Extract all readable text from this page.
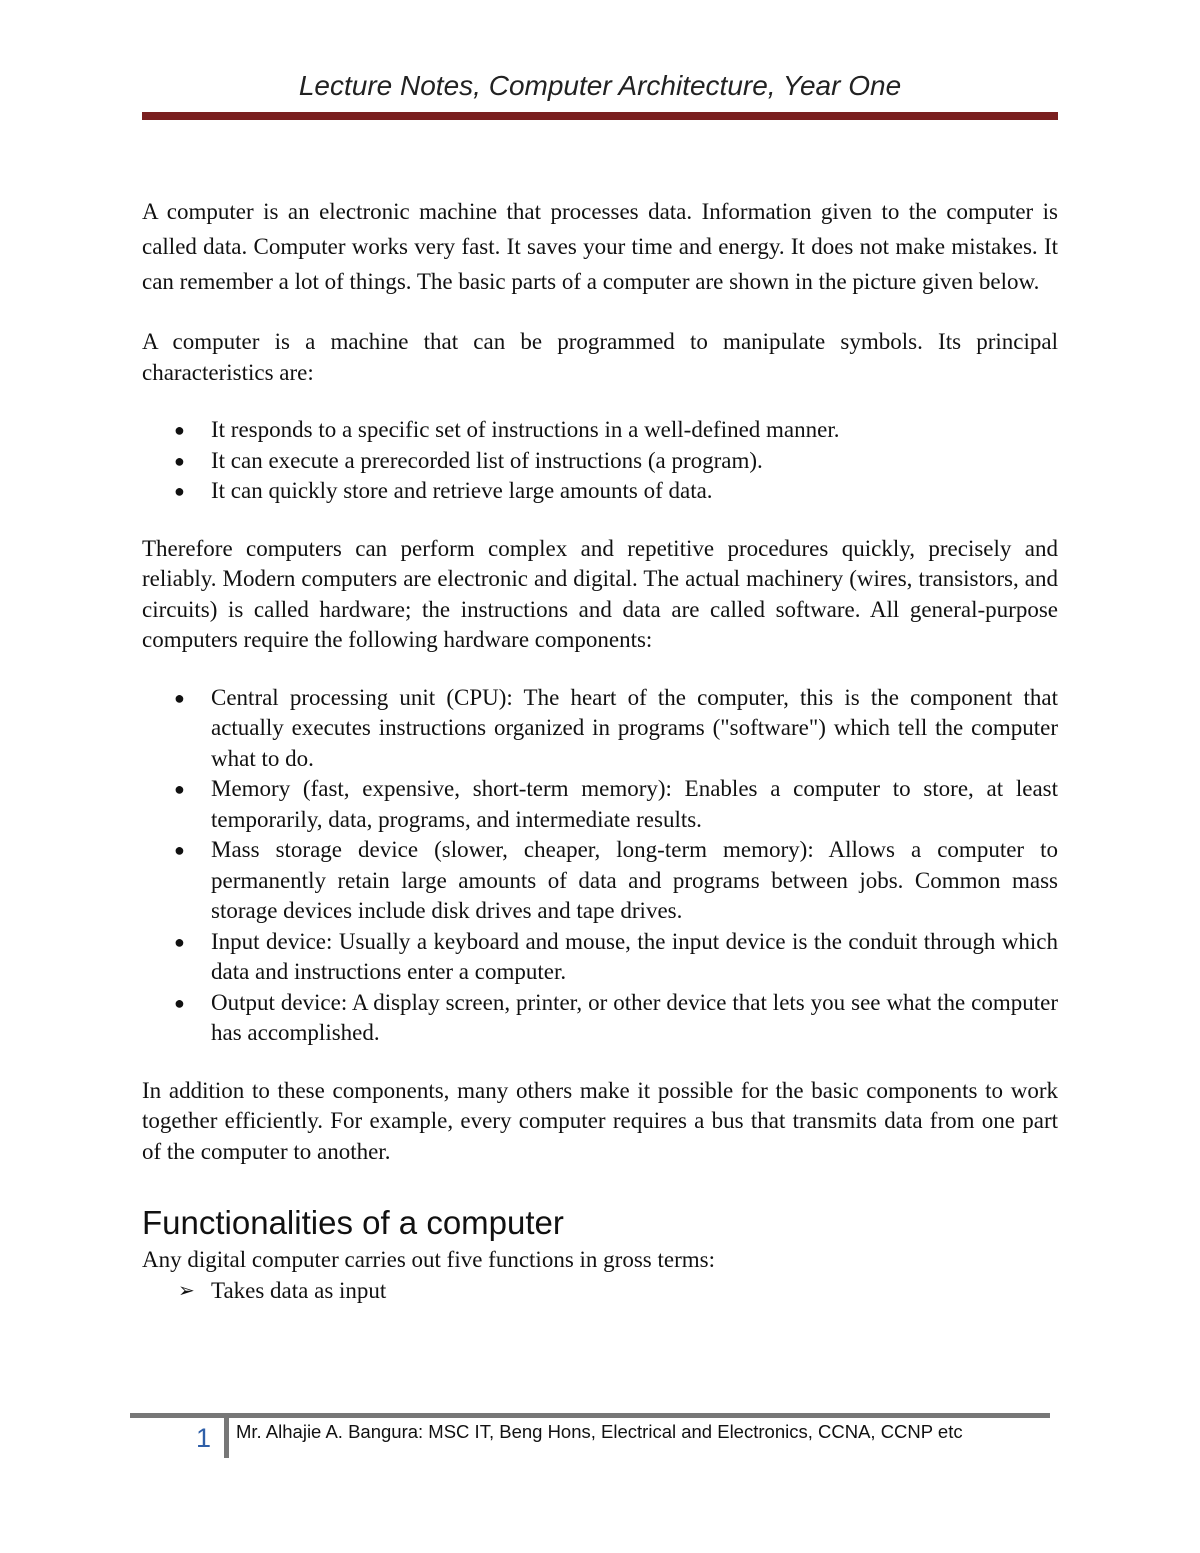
Lecture Notes, Computer Architecture, Year One

A computer is an electronic machine that processes data. Information given to the computer is called data. Computer works very fast. It saves your time and energy. It does not make mistakes. It can remember a lot of things. The basic parts of a computer are shown in the picture given below.

A computer is a machine that can be programmed to manipulate symbols. Its principal characteristics are:

● It responds to a specific set of instructions in a well-defined manner.
● It can execute a prerecorded list of instructions (a program).
● It can quickly store and retrieve large amounts of data.

Therefore computers can perform complex and repetitive procedures quickly, precisely and reliably. Modern computers are electronic and digital. The actual machinery (wires, transistors, and circuits) is called hardware; the instructions and data are called software. All general-purpose computers require the following hardware components:

● Central processing unit (CPU): The heart of the computer, this is the component that actually executes instructions organized in programs ("software") which tell the computer what to do.
● Memory (fast, expensive, short-term memory): Enables a computer to store, at least temporarily, data, programs, and intermediate results.
● Mass storage device (slower, cheaper, long-term memory): Allows a computer to permanently retain large amounts of data and programs between jobs. Common mass storage devices include disk drives and tape drives.
● Input device: Usually a keyboard and mouse, the input device is the conduit through which data and instructions enter a computer.
● Output device: A display screen, printer, or other device that lets you see what the computer has accomplished.

In addition to these components, many others make it possible for the basic components to work together efficiently. For example, every computer requires a bus that transmits data from one part of the computer to another.

Functionalities of a computer

Any digital computer carries out five functions in gross terms:

➢ Takes data as input
1 Mr. Alhajie A. Bangura: MSC IT, Beng Hons, Electrical and Electronics, CCNA, CCNP etc
